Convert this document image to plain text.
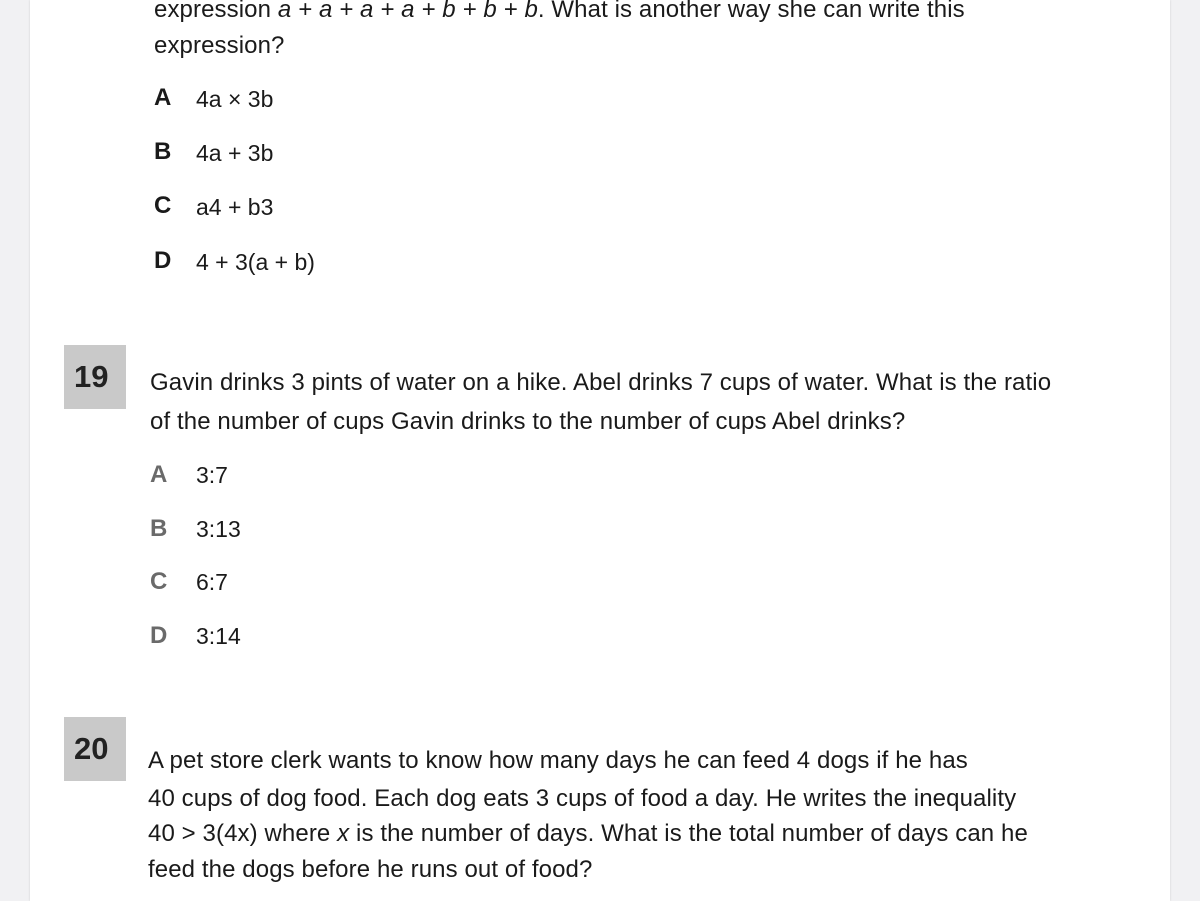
expression a + a + a + a + b + b + b. What is another way she can write this
expression?
A 4a × 3b
B 4a + 3b
C a4 + b3
D 4 + 3(a + b)
19	Gavin drinks 3 pints of water on a hike. Abel drinks 7 cups of water. What is the ratio
of the number of cups Gavin drinks to the number of cups Abel drinks?
A 3:7
B 3:13
C 6:7
D 3:14
20	A pet store clerk wants to know how many days he can feed 4 dogs if he has
40 cups of dog food. Each dog eats 3 cups of food a day. He writes the inequality
40 > 3(4x) where x is the number of days. What is the total number of days can he
feed the dogs before he runs out of food?
